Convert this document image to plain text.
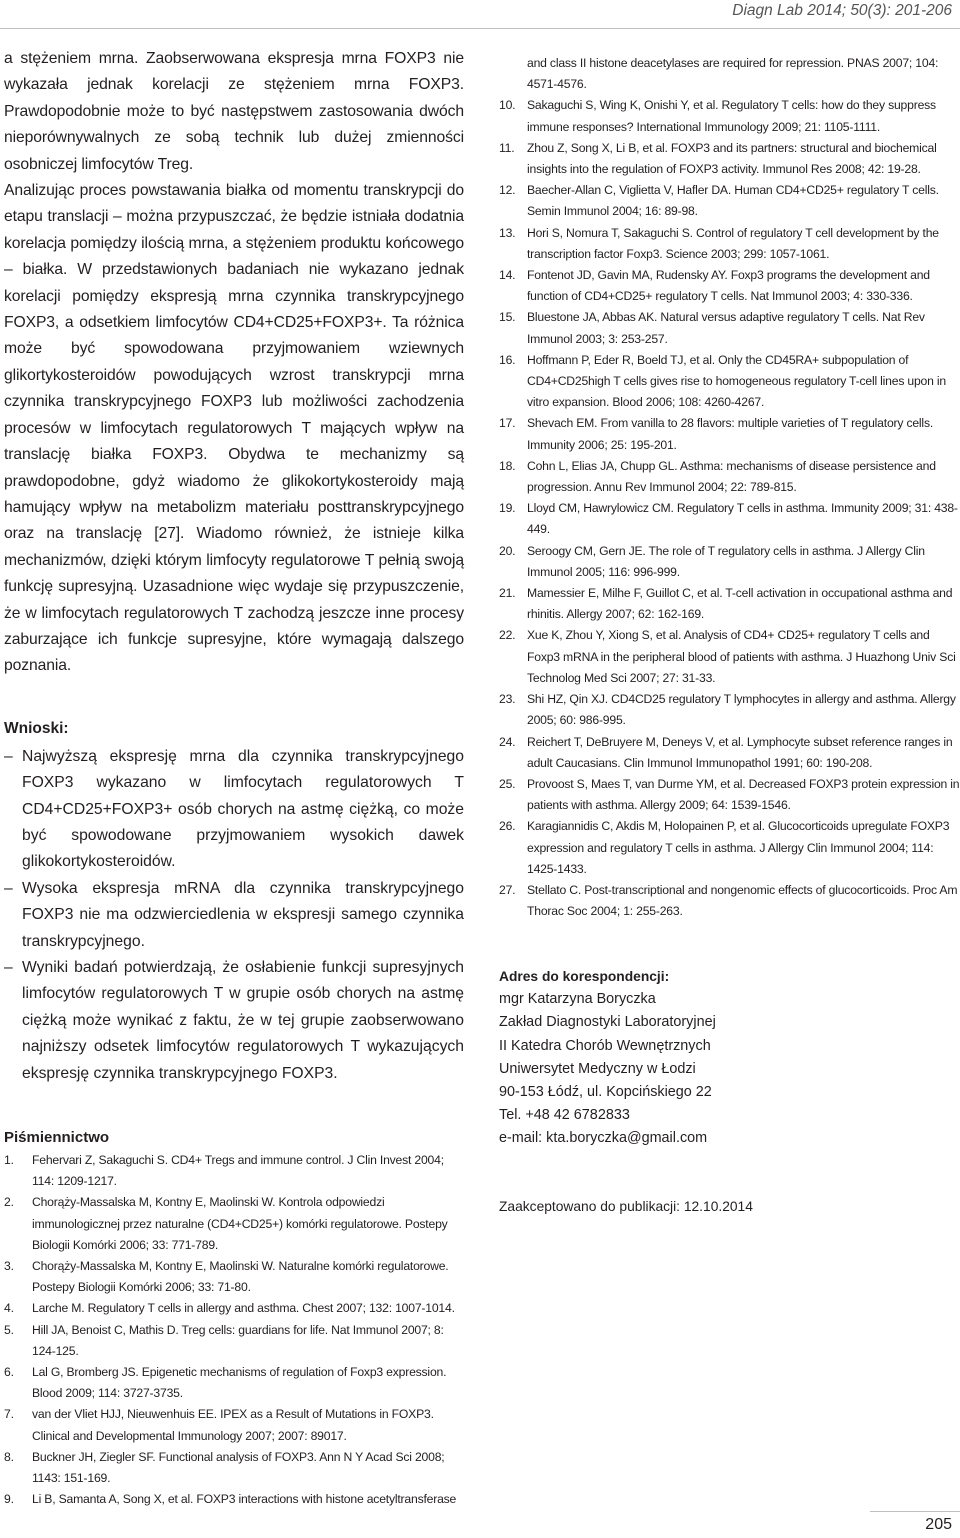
Diagn Lab 2014; 50(3): 201-206

a stężeniem mrna. Zaobserwowana ekspresja mrna FOXP3 nie wykazała jednak korelacji ze stężeniem mrna FOXP3. Prawdopodobnie może to być następstwem zastosowania dwóch nieporównywalnych ze sobą technik lub dużej zmienności osobniczej limfocytów Treg.

Analizując proces powstawania białka od momentu transkrypcji do etapu translacji – można przypuszczać, że będzie istniała dodatnia korelacja pomiędzy ilością mrna, a stężeniem produktu końcowego – białka. W przedstawionych badaniach nie wykazano jednak korelacji pomiędzy ekspresją mrna czynnika transkrypcyjnego FOXP3, a odsetkiem limfocytów CD4+CD25+FOXP3+. Ta różnica może być spowodowana przyjmowaniem wziewnych glikortykosteroidów powodujących wzrost transkrypcji mrna czynnika transkrypcyjnego FOXP3 lub możliwości zachodzenia procesów w limfocytach regulatorowych T mających wpływ na translację białka FOXP3. Obydwa te mechanizmy są prawdopodobne, gdyż wiadomo że glikokortykosteroidy mają hamujący wpływ na metabolizm materiału posttranskrypcyjnego oraz na translację [27]. Wiadomo również, że istnieje kilka mechanizmów, dzięki którym limfocyty regulatorowe T pełnią swoją funkcję supresyjną. Uzasadnione więc wydaje się przypuszczenie, że w limfocytach regulatorowych T zachodzą jeszcze inne procesy zaburzające ich funkcje supresyjne, które wymagają dalszego poznania.

Wnioski:
– Najwyższą ekspresję mrna dla czynnika transkrypcyjnego FOXP3 wykazano w limfocytach regulatorowych T CD4+CD25+FOXP3+ osób chorych na astmę ciężką, co może być spowodowane przyjmowaniem wysokich dawek glikokortykosteroidów.
– Wysoka ekspresja mRNA dla czynnika transkrypcyjnego FOXP3 nie ma odzwierciedlenia w ekspresji samego czynnika transkrypcyjnego.
– Wyniki badań potwierdzają, że osłabienie funkcji supresyjnych limfocytów regulatorowych T w grupie osób chorych na astmę ciężką może wynikać z faktu, że w tej grupie zaobserwowano najniższy odsetek limfocytów regulatorowych T wykazujących ekspresję czynnika transkrypcyjnego FOXP3.
Piśmiennictwo
1. Fehervari Z, Sakaguchi S. CD4+ Tregs and immune control. J Clin Invest 2004; 114: 1209-1217.
2. Chorąży-Massalska M, Kontny E, Maolinski W. Kontrola odpowiedzi immunologicznej przez naturalne (CD4+CD25+) komórki regulatorowe. Postepy Biologii Komórki 2006; 33: 771-789.
3. Chorąży-Massalska M, Kontny E, Maolinski W. Naturalne komórki regulatorowe. Postepy Biologii Komórki 2006; 33: 71-80.
4. Larche M. Regulatory T cells in allergy and asthma. Chest 2007; 132: 1007-1014.
5. Hill JA, Benoist C, Mathis D. Treg cells: guardians for life. Nat Immunol 2007; 8: 124-125.
6. Lal G, Bromberg JS. Epigenetic mechanisms of regulation of Foxp3 expression. Blood 2009; 114: 3727-3735.
7. van der Vliet HJJ, Nieuwenhuis EE. IPEX as a Result of Mutations in FOXP3. Clinical and Developmental Immunology 2007; 2007: 89017.
8. Buckner JH, Ziegler SF. Functional analysis of FOXP3. Ann N Y Acad Sci 2008; 1143: 151-169.
9. Li B, Samanta A, Song X, et al. FOXP3 interactions with histone acetyltransferase
and class II histone deacetylases are required for repression. PNAS 2007; 104: 4571-4576.
10. Sakaguchi S, Wing K, Onishi Y, et al. Regulatory T cells: how do they suppress immune responses? International Immunology 2009; 21: 1105-1111.
11. Zhou Z, Song X, Li B, et al. FOXP3 and its partners: structural and biochemical insights into the regulation of FOXP3 activity. Immunol Res 2008; 42: 19-28.
12. Baecher-Allan C, Viglietta V, Hafler DA. Human CD4+CD25+ regulatory T cells. Semin Immunol 2004; 16: 89-98.
13. Hori S, Nomura T, Sakaguchi S. Control of regulatory T cell development by the transcription factor Foxp3. Science 2003; 299: 1057-1061.
14. Fontenot JD, Gavin MA, Rudensky AY. Foxp3 programs the development and function of CD4+CD25+ regulatory T cells. Nat Immunol 2003; 4: 330-336.
15. Bluestone JA, Abbas AK. Natural versus adaptive regulatory T cells. Nat Rev Immunol 2003; 3: 253-257.
16. Hoffmann P, Eder R, Boeld TJ, et al. Only the CD45RA+ subpopulation of CD4+CD25high T cells gives rise to homogeneous regulatory T-cell lines upon in vitro expansion. Blood 2006; 108: 4260-4267.
17. Shevach EM. From vanilla to 28 flavors: multiple varieties of T regulatory cells. Immunity 2006; 25: 195-201.
18. Cohn L, Elias JA, Chupp GL. Asthma: mechanisms of disease persistence and progression. Annu Rev Immunol 2004; 22: 789-815.
19. Lloyd CM, Hawrylowicz CM. Regulatory T cells in asthma. Immunity 2009; 31: 438-449.
20. Seroogy CM, Gern JE. The role of T regulatory cells in asthma. J Allergy Clin Immunol 2005; 116: 996-999.
21. Mamessier E, Milhe F, Guillot C, et al. T-cell activation in occupational asthma and rhinitis. Allergy 2007; 62: 162-169.
22. Xue K, Zhou Y, Xiong S, et al. Analysis of CD4+ CD25+ regulatory T cells and Foxp3 mRNA in the peripheral blood of patients with asthma. J Huazhong Univ Sci Technolog Med Sci 2007; 27: 31-33.
23. Shi HZ, Qin XJ. CD4CD25 regulatory T lymphocytes in allergy and asthma. Allergy 2005; 60: 986-995.
24. Reichert T, DeBruyere M, Deneys V, et al. Lymphocyte subset reference ranges in adult Caucasians. Clin Immunol Immunopathol 1991; 60: 190-208.
25. Provoost S, Maes T, van Durme YM, et al. Decreased FOXP3 protein expression in patients with asthma. Allergy 2009; 64: 1539-1546.
26. Karagiannidis C, Akdis M, Holopainen P, et al. Glucocorticoids upregulate FOXP3 expression and regulatory T cells in asthma. J Allergy Clin Immunol 2004; 114: 1425-1433.
27. Stellato C. Post-transcriptional and nongenomic effects of glucocorticoids. Proc Am Thorac Soc 2004; 1: 255-263.
Adres do korespondencji:

mgr Katarzyna Boryczka

Zakład Diagnostyki Laboratoryjnej

II Katedra Chorób Wewnętrznych

Uniwersytet Medyczny w Łodzi

90-153 Łódź, ul. Kopcińskiego 22

Tel. +48 42 6782833

e-mail: kta.boryczka@gmail.com

Zaakceptowano do publikacji: 12.10.2014

205
